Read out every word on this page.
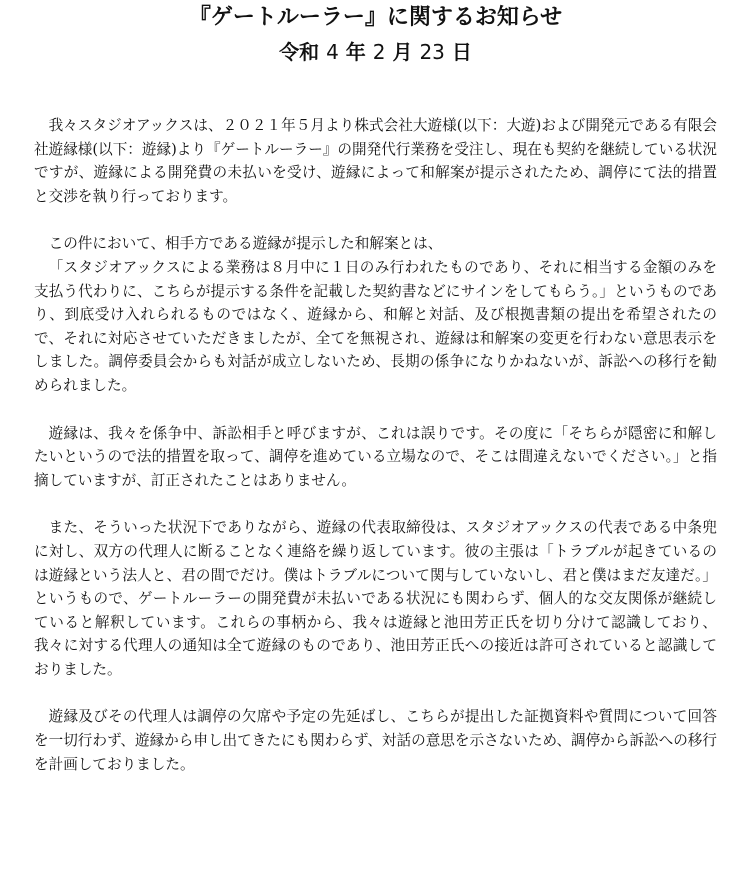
『ゲートルーラー』に関するお知らせ
令和 4 年 2 月 23 日

我々スタジオアックスは、２０２１年５月より株式会社大遊様(以下：大遊)および開発元である有限会社遊縁様(以下：遊縁)より『ゲートルーラー』の開発代行業務を受注し、現在も契約を継続している状況ですが、遊縁による開発費の未払いを受け、遊縁によって和解案が提示されたため、調停にて法的措置と交渉を執り行っております。

この件において、相手方である遊縁が提示した和解案とは、

「スタジオアックスによる業務は８月中に１日のみ行われたものであり、それに相当する金額のみを支払う代わりに、こちらが提示する条件を記載した契約書などにサインをしてもらう。」というものであり、到底受け入れられるものではなく、遊縁から、和解と対話、及び根拠書類の提出を希望されたので、それに対応させていただきましたが、全てを無視され、遊縁は和解案の変更を行わない意思表示をしました。調停委員会からも対話が成立しないため、長期の係争になりかねないが、訴訟への移行を勧められました。

遊縁は、我々を係争中、訴訟相手と呼びますが、これは誤りです。その度に「そちらが隠密に和解したいというので法的措置を取って、調停を進めている立場なので、そこは間違えないでください。」と指摘していますが、訂正されたことはありません。

また、そういった状況下でありながら、遊縁の代表取締役は、スタジオアックスの代表である中条兜に対し、双方の代理人に断ることなく連絡を繰り返しています。彼の主張は「トラブルが起きているのは遊縁という法人と、君の間でだけ。僕はトラブルについて関与していないし、君と僕はまだ友達だ。」というもので、ゲートルーラーの開発費が未払いである状況にも関わらず、個人的な交友関係が継続していると解釈しています。これらの事柄から、我々は遊縁と池田芳正氏を切り分けて認識しており、我々に対する代理人の通知は全て遊縁のものであり、池田芳正氏への接近は許可されていると認識しておりました。

遊縁及びその代理人は調停の欠席や予定の先延ばし、こちらが提出した証拠資料や質問について回答を一切行わず、遊縁から申し出てきたにも関わらず、対話の意思を示さないため、調停から訴訟への移行を計画しておりました。
